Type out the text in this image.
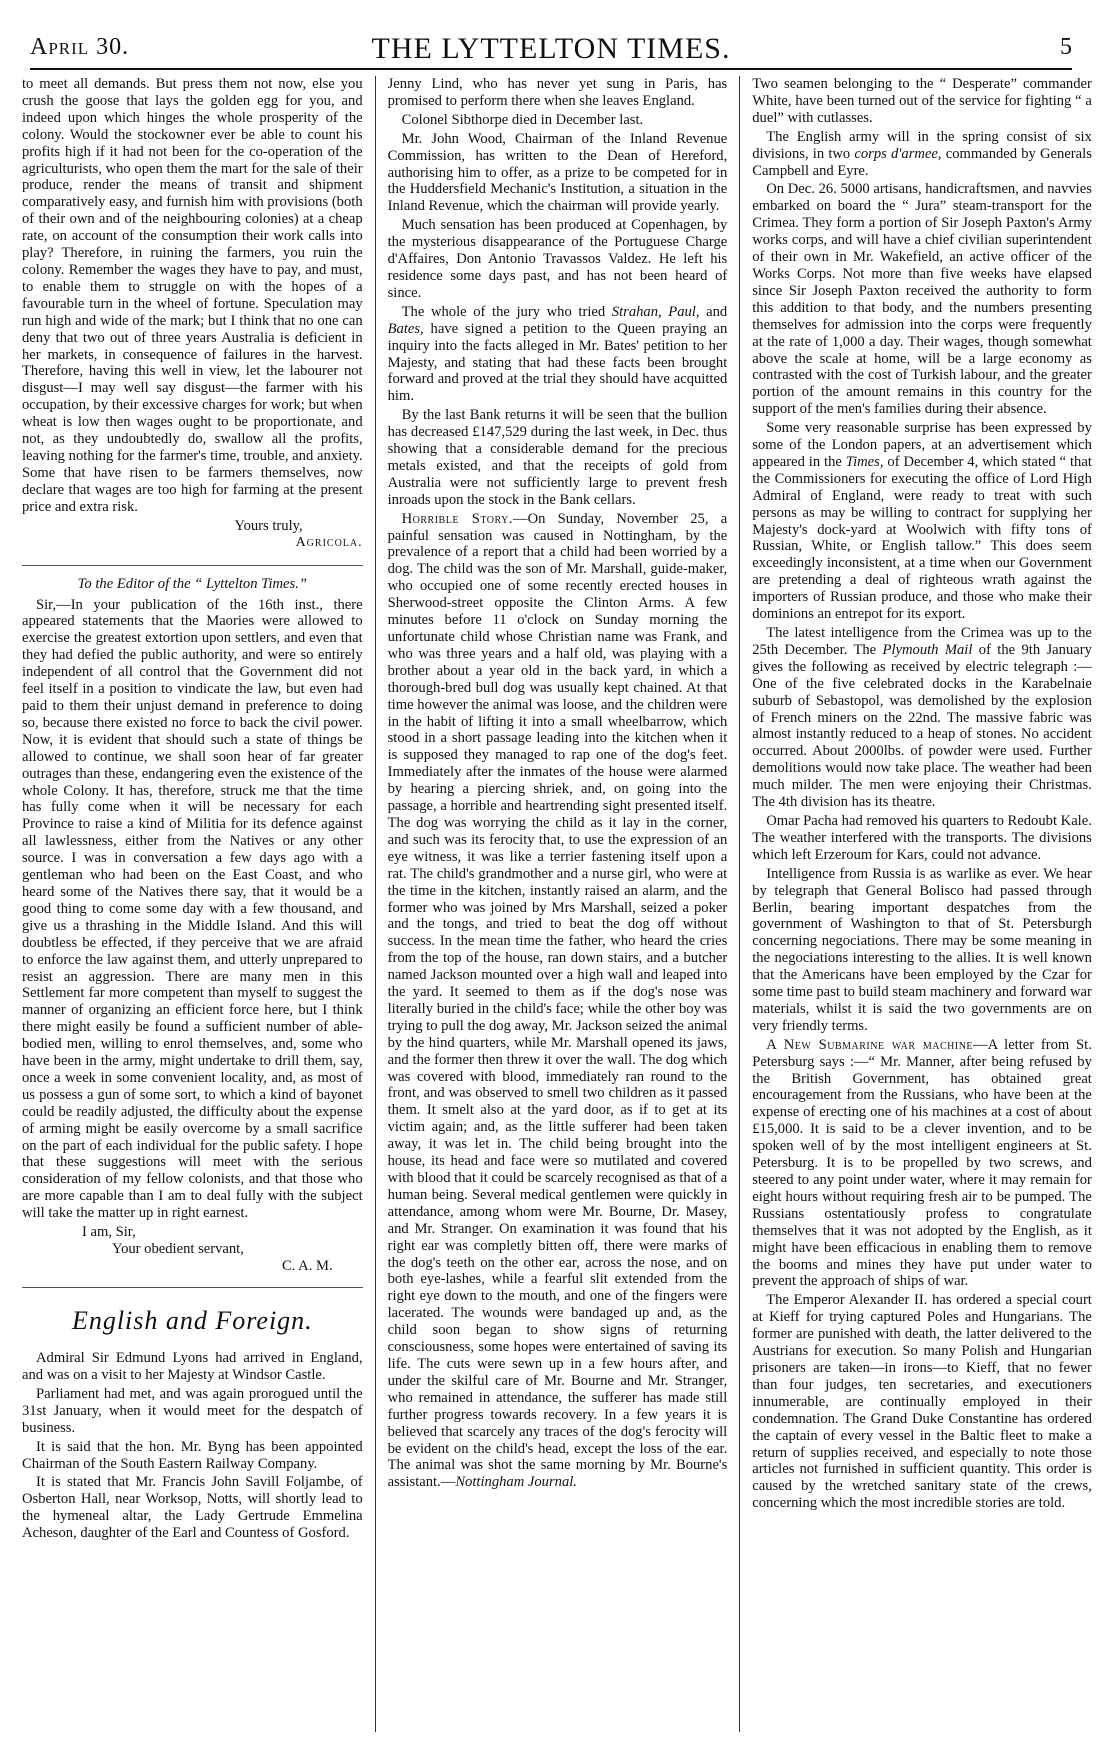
April 30.	THE LYTTELTON TIMES.	5

to meet all demands. But press them not now, else you crush the goose that lays the golden egg for you, and indeed upon which hinges the whole prosperity of the colony. Would the stockowner ever be able to count his profits high if it had not been for the co-operation of the agriculturists, who open them the mart for the sale of their produce, render the means of transit and shipment comparatively easy, and furnish him with provisions (both of their own and of the neighbouring colonies) at a cheap rate, on account of the consumption their work calls into play? Therefore, in ruining the farmers, you ruin the colony. Remember the wages they have to pay, and must, to enable them to struggle on with the hopes of a favourable turn in the wheel of fortune. Speculation may run high and wide of the mark; but I think that no one can deny that two out of three years Australia is deficient in her markets, in consequence of failures in the harvest. Therefore, having this well in view, let the labourer not disgust—I may well say disgust—the farmer with his occupation, by their excessive charges for work; but when wheat is low then wages ought to be proportionate, and not, as they undoubtedly do, swallow all the profits, leaving nothing for the farmer's time, trouble, and anxiety. Some that have risen to be farmers themselves, now declare that wages are too high for farming at the present price and extra risk.

Yours truly,
Agricola.
To the Editor of the “ Lyttelton Times.”

Sir,—In your publication of the 16th inst., there appeared statements that the Maories were allowed to exercise the greatest extortion upon settlers, and even that they had defied the public authority, and were so entirely independent of all control that the Government did not feel itself in a position to vindicate the law, but even had paid to them their unjust demand in preference to doing so, because there existed no force to back the civil power. Now, it is evident that should such a state of things be allowed to continue, we shall soon hear of far greater outrages than these, endangering even the existence of the whole Colony. It has, therefore, struck me that the time has fully come when it will be necessary for each Province to raise a kind of Militia for its defence against all lawlessness, either from the Natives or any other source. I was in conversation a few days ago with a gentleman who had been on the East Coast, and who heard some of the Natives there say, that it would be a good thing to come some day with a few thousand, and give us a thrashing in the Middle Island. And this will doubtless be effected, if they perceive that we are afraid to enforce the law against them, and utterly unprepared to resist an aggression. There are many men in this Settlement far more competent than myself to suggest the manner of organizing an efficient force here, but I think there might easily be found a sufficient number of able-bodied men, willing to enrol themselves, and, some who have been in the army, might undertake to drill them, say, once a week in some convenient locality, and, as most of us possess a gun of some sort, to which a kind of bayonet could be readily adjusted, the difficulty about the expense of arming might be easily overcome by a small sacrifice on the part of each individual for the public safety. I hope that these suggestions will meet with the serious consideration of my fellow colonists, and that those who are more capable than I am to deal fully with the subject will take the matter up in right earnest.

I am, Sir,
Your obedient servant,
C. A. M.
English and Foreign.

Admiral Sir Edmund Lyons had arrived in England, and was on a visit to her Majesty at Windsor Castle.

Parliament had met, and was again prorogued until the 31st January, when it would meet for the despatch of business.

It is said that the hon. Mr. Byng has been appointed Chairman of the South Eastern Railway Company.

It is stated that Mr. Francis John Savill Foljambe, of Osberton Hall, near Worksop, Notts, will shortly lead to the hymeneal altar, the Lady Gertrude Emmelina Acheson, daughter of the Earl and Countess of Gosford.

Jenny Lind, who has never yet sung in Paris, has promised to perform there when she leaves England.

Colonel Sibthorpe died in December last.

Mr. John Wood, Chairman of the Inland Revenue Commission, has written to the Dean of Hereford, authorising him to offer, as a prize to be competed for in the Huddersfield Mechanic's Institution, a situation in the Inland Revenue, which the chairman will provide yearly.

Much sensation has been produced at Copenhagen, by the mysterious disappearance of the Portuguese Charge d'Affaires, Don Antonio Travassos Valdez. He left his residence some days past, and has not been heard of since.

The whole of the jury who tried Strahan, Paul, and Bates, have signed a petition to the Queen praying an inquiry into the facts alleged in Mr. Bates' petition to her Majesty, and stating that had these facts been brought forward and proved at the trial they should have acquitted him.

By the last Bank returns it will be seen that the bullion has decreased £147,529 during the last week, in Dec. thus showing that a considerable demand for the precious metals existed, and that the receipts of gold from Australia were not sufficiently large to prevent fresh inroads upon the stock in the Bank cellars.

Horrible Story.—On Sunday, November 25, a painful sensation was caused in Nottingham, by the prevalence of a report that a child had been worried by a dog. The child was the son of Mr. Marshall, guide-maker, who occupied one of some recently erected houses in Sherwood-street opposite the Clinton Arms. A few minutes before 11 o'clock on Sunday morning the unfortunate child whose Christian name was Frank, and who was three years and a half old, was playing with a brother about a year old in the back yard, in which a thorough-bred bull dog was usually kept chained. At that time however the animal was loose, and the children were in the habit of lifting it into a small wheelbarrow, which stood in a short passage leading into the kitchen when it is supposed they managed to rap one of the dog's feet. Immediately after the inmates of the house were alarmed by hearing a piercing shriek, and, on going into the passage, a horrible and heartrending sight presented itself. The dog was worrying the child as it lay in the corner, and such was its ferocity that, to use the expression of an eye witness, it was like a terrier fastening itself upon a rat. The child's grandmother and a nurse girl, who were at the time in the kitchen, instantly raised an alarm, and the former who was joined by Mrs Marshall, seized a poker and the tongs, and tried to beat the dog off without success. In the mean time the father, who heard the cries from the top of the house, ran down stairs, and a butcher named Jackson mounted over a high wall and leaped into the yard. It seemed to them as if the dog's nose was literally buried in the child's face; while the other boy was trying to pull the dog away, Mr. Jackson seized the animal by the hind quarters, while Mr. Marshall opened its jaws, and the former then threw it over the wall. The dog which was covered with blood, immediately ran round to the front, and was observed to smell two children as it passed them. It smelt also at the yard door, as if to get at its victim again; and, as the little sufferer had been taken away, it was let in. The child being brought into the house, its head and face were so mutilated and covered with blood that it could be scarcely recognised as that of a human being. Several medical gentlemen were quickly in attendance, among whom were Mr. Bourne, Dr. Masey, and Mr. Stranger. On examination it was found that his right ear was completly bitten off, there were marks of the dog's teeth on the other ear, across the nose, and on both eye-lashes, while a fearful slit extended from the right eye down to the mouth, and one of the fingers were lacerated. The wounds were bandaged up and, as the child soon began to show signs of returning consciousness, some hopes were entertained of saving its life. The cuts were sewn up in a few hours after, and under the skilful care of Mr. Bourne and Mr. Stranger, who remained in attendance, the sufferer has made still further progress towards recovery. In a few years it is believed that scarcely any traces of the dog's ferocity will be evident on the child's head, except the loss of the ear. The animal was shot the same morning by Mr. Bourne's assistant.—Nottingham Journal.

Two seamen belonging to the “ Desperate” commander White, have been turned out of the service for fighting “ a duel” with cutlasses.

The English army will in the spring consist of six divisions, in two corps d'armee, commanded by Generals Campbell and Eyre.

On Dec. 26. 5000 artisans, handicraftsmen, and navvies embarked on board the “ Jura” steam-transport for the Crimea. They form a portion of Sir Joseph Paxton's Army works corps, and will have a chief civilian superintendent of their own in Mr. Wakefield, an active officer of the Works Corps. Not more than five weeks have elapsed since Sir Joseph Paxton received the authority to form this addition to that body, and the numbers presenting themselves for admission into the corps were frequently at the rate of 1,000 a day. Their wages, though somewhat above the scale at home, will be a large economy as contrasted with the cost of Turkish labour, and the greater portion of the amount remains in this country for the support of the men's families during their absence.

Some very reasonable surprise has been expressed by some of the London papers, at an advertisement which appeared in the Times, of December 4, which stated “ that the Commissioners for executing the office of Lord High Admiral of England, were ready to treat with such persons as may be willing to contract for supplying her Majesty's dock-yard at Woolwich with fifty tons of Russian, White, or English tallow.” This does seem exceedingly inconsistent, at a time when our Government are pretending a deal of righteous wrath against the importers of Russian produce, and those who make their dominions an entrepot for its export.

The latest intelligence from the Crimea was up to the 25th December. The Plymouth Mail of the 9th January gives the following as received by electric telegraph :—One of the five celebrated docks in the Karabelnaie suburb of Sebastopol, was demolished by the explosion of French miners on the 22nd. The massive fabric was almost instantly reduced to a heap of stones. No accident occurred. About 2000lbs. of powder were used. Further demolitions would now take place. The weather had been much milder. The men were enjoying their Christmas. The 4th division has its theatre.

Omar Pacha had removed his quarters to Redoubt Kale. The weather interfered with the transports. The divisions which left Erzeroum for Kars, could not advance.

Intelligence from Russia is as warlike as ever. We hear by telegraph that General Bolisco had passed through Berlin, bearing important despatches from the government of Washington to that of St. Petersburgh concerning negociations. There may be some meaning in the negociations interesting to the allies. It is well known that the Americans have been employed by the Czar for some time past to build steam machinery and forward war materials, whilst it is said the two governments are on very friendly terms.

A New Submarine war machine—A letter from St. Petersburg says :—“ Mr. Manner, after being refused by the British Government, has obtained great encouragement from the Russians, who have been at the expense of erecting one of his machines at a cost of about £15,000. It is said to be a clever invention, and to be spoken well of by the most intelligent engineers at St. Petersburg. It is to be propelled by two screws, and steered to any point under water, where it may remain for eight hours without requiring fresh air to be pumped. The Russians ostentatiously profess to congratulate themselves that it was not adopted by the English, as it might have been efficacious in enabling them to remove the booms and mines they have put under water to prevent the approach of ships of war.

The Emperor Alexander II. has ordered a special court at Kieff for trying captured Poles and Hungarians. The former are punished with death, the latter delivered to the Austrians for execution. So many Polish and Hungarian prisoners are taken—in irons—to Kieff, that no fewer than four judges, ten secretaries, and executioners innumerable, are continually employed in their condemnation. The Grand Duke Constantine has ordered the captain of every vessel in the Baltic fleet to make a return of supplies received, and especially to note those articles not furnished in sufficient quantity. This order is caused by the wretched sanitary state of the crews, concerning which the most incredible stories are told.
